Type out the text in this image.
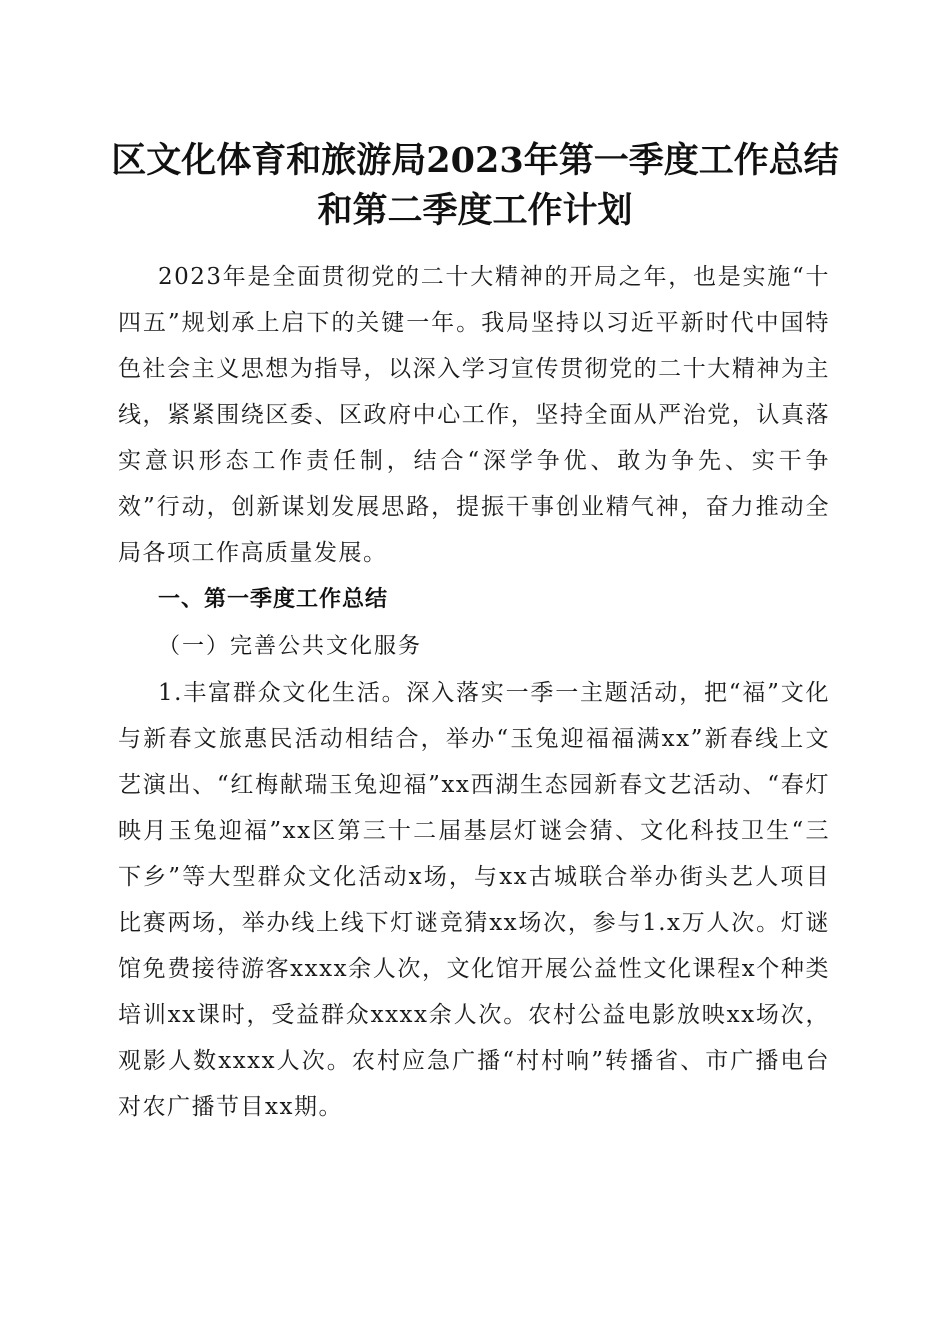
区文化体育和旅游局2023年第一季度工作总结和第二季度工作计划

2023年是全面贯彻党的二十大精神的开局之年，也是实施“十四五”规划承上启下的关键一年。我局坚持以习近平新时代中国特色社会主义思想为指导，以深入学习宣传贯彻党的二十大精神为主线，紧紧围绕区委、区政府中心工作，坚持全面从严治党，认真落实意识形态工作责任制，结合“深学争优、敢为争先、实干争效”行动，创新谋划发展思路，提振干事创业精气神，奋力推动全局各项工作高质量发展。

一、第一季度工作总结

（一）完善公共文化服务

1.丰富群众文化生活。深入落实一季一主题活动，把“福”文化与新春文旅惠民活动相结合，举办“玉兔迎福福满xx”新春线上文艺演出、“红梅献瑞玉兔迎福”xx西湖生态园新春文艺活动、“春灯映月玉兔迎福”xx区第三十二届基层灯谜会猜、文化科技卫生“三下乡”等大型群众文化活动x场，与xx古城联合举办街头艺人项目比赛两场，举办线上线下灯谜竞猜xx场次，参与1.x万人次。灯谜馆免费接待游客xxxx余人次，文化馆开展公益性文化课程x个种类培训xx课时，受益群众xxxx余人次。农村公益电影放映xx场次，观影人数xxxx人次。农村应急广播“村村响”转播省、市广播电台对农广播节目xx期。
